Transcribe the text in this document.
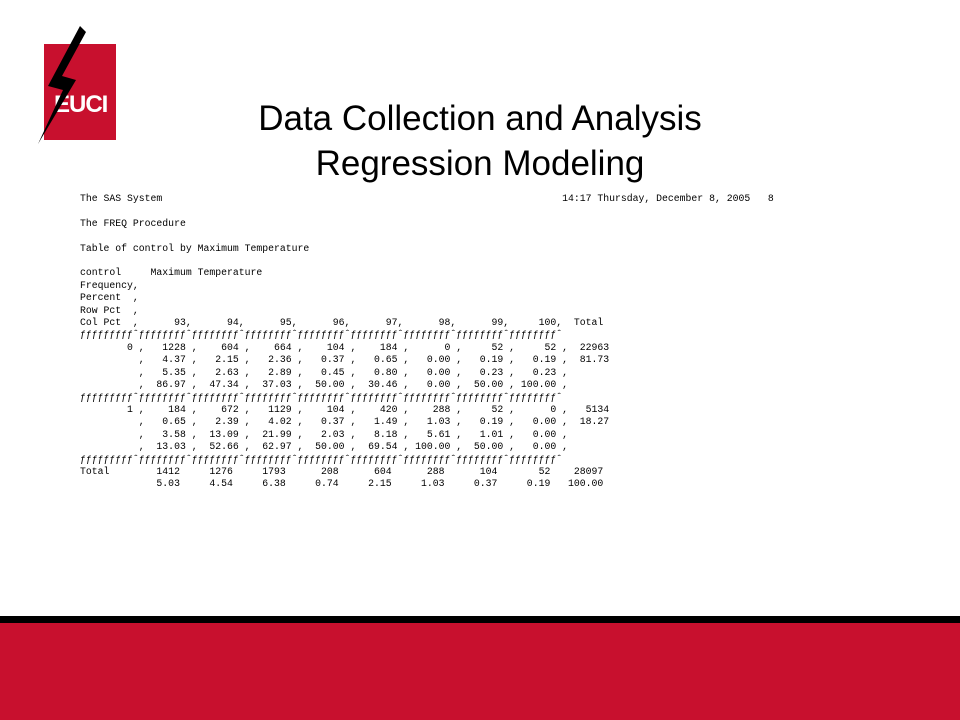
EUCI	Data Collection and Analysis
Regression Modeling
The SAS System                                                                    14:17 Thursday, December 8, 2005   8

The FREQ Procedure

Table of control by Maximum Temperature

control     Maximum Temperature
Frequency,
Percent  ,
Row Pct  ,
Col Pct  ,      93,      94,      95,      96,      97,      98,      99,     100,  Total
ƒƒƒƒƒƒƒƒƒˆƒƒƒƒƒƒƒƒˆƒƒƒƒƒƒƒƒˆƒƒƒƒƒƒƒƒˆƒƒƒƒƒƒƒƒˆƒƒƒƒƒƒƒƒˆƒƒƒƒƒƒƒƒˆƒƒƒƒƒƒƒƒˆƒƒƒƒƒƒƒƒˆ
0 ,   1228 ,    604 ,    664 ,    104 ,    184 ,      0 ,     52 ,     52 ,  22963
,   4.37 ,   2.15 ,   2.36 ,   0.37 ,   0.65 ,   0.00 ,   0.19 ,   0.19 ,  81.73
,   5.35 ,   2.63 ,   2.89 ,   0.45 ,   0.80 ,   0.00 ,   0.23 ,   0.23 ,
,  86.97 ,  47.34 ,  37.03 ,  50.00 ,  30.46 ,   0.00 ,  50.00 , 100.00 ,
ƒƒƒƒƒƒƒƒƒˆƒƒƒƒƒƒƒƒˆƒƒƒƒƒƒƒƒˆƒƒƒƒƒƒƒƒˆƒƒƒƒƒƒƒƒˆƒƒƒƒƒƒƒƒˆƒƒƒƒƒƒƒƒˆƒƒƒƒƒƒƒƒˆƒƒƒƒƒƒƒƒˆ
1 ,    184 ,    672 ,   1129 ,    104 ,    420 ,    288 ,     52 ,      0 ,   5134
,   0.65 ,   2.39 ,   4.02 ,   0.37 ,   1.49 ,   1.03 ,   0.19 ,   0.00 ,  18.27
,   3.58 ,  13.09 ,  21.99 ,   2.03 ,   8.18 ,   5.61 ,   1.01 ,   0.00 ,
,  13.03 ,  52.66 ,  62.97 ,  50.00 ,  69.54 , 100.00 ,  50.00 ,   0.00 ,
ƒƒƒƒƒƒƒƒƒˆƒƒƒƒƒƒƒƒˆƒƒƒƒƒƒƒƒˆƒƒƒƒƒƒƒƒˆƒƒƒƒƒƒƒƒˆƒƒƒƒƒƒƒƒˆƒƒƒƒƒƒƒƒˆƒƒƒƒƒƒƒƒˆƒƒƒƒƒƒƒƒˆ
Total        1412     1276     1793      208      604      288      104       52    28097
5.03     4.54     6.38     0.74     2.15     1.03     0.37     0.19   100.00
